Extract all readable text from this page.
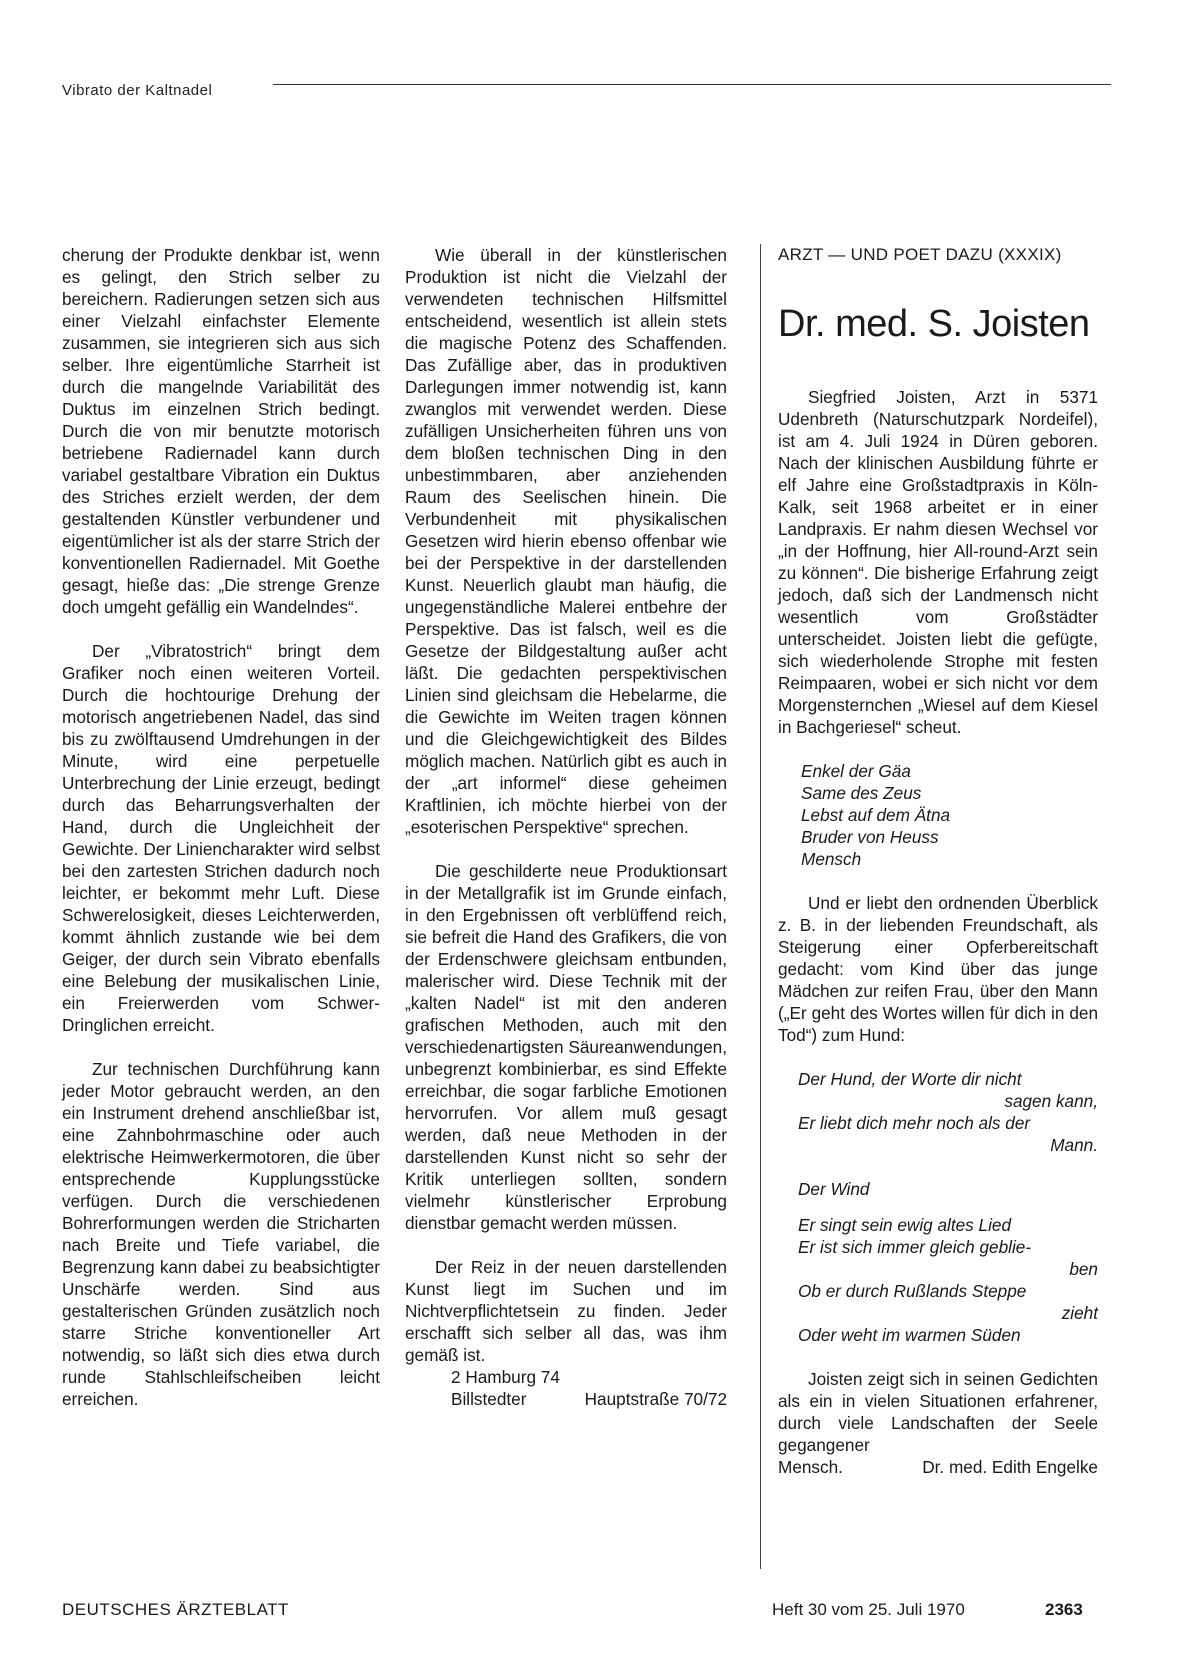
Vibrato der Kaltnadel

cherung der Produkte denkbar ist, wenn es gelingt, den Strich selber zu bereichern. Radierungen setzen sich aus einer Vielzahl einfachster Elemente zusammen, sie integrieren sich aus sich selber. Ihre eigentümliche Starrheit ist durch die mangelnde Variabilität des Duktus im einzelnen Strich bedingt. Durch die von mir benutzte motorisch betriebene Radiernadel kann durch variabel gestaltbare Vibration ein Duktus des Striches erzielt werden, der dem gestaltenden Künstler verbundener und eigentümlicher ist als der starre Strich der konventionellen Radiernadel. Mit Goethe gesagt, hieße das: „Die strenge Grenze doch umgeht gefällig ein Wandelndes“.

Der „Vibratostrich“ bringt dem Grafiker noch einen weiteren Vorteil. Durch die hochtourige Drehung der motorisch angetriebenen Nadel, das sind bis zu zwölftausend Umdrehungen in der Minute, wird eine perpetuelle Unterbrechung der Linie erzeugt, bedingt durch das Beharrungsverhalten der Hand, durch die Ungleichheit der Gewichte. Der Liniencharakter wird selbst bei den zartesten Strichen dadurch noch leichter, er bekommt mehr Luft. Diese Schwerelosigkeit, dieses Leichterwerden, kommt ähnlich zustande wie bei dem Geiger, der durch sein Vibrato ebenfalls eine Belebung der musikalischen Linie, ein Freierwerden vom Schwer-Dringlichen erreicht.

Zur technischen Durchführung kann jeder Motor gebraucht werden, an den ein Instrument drehend anschließbar ist, eine Zahnbohrmaschine oder auch elektrische Heimwerkermotoren, die über entsprechende Kupplungsstücke verfügen. Durch die verschiedenen Bohrerformungen werden die Stricharten nach Breite und Tiefe variabel, die Begrenzung kann dabei zu beabsichtigter Unschärfe werden. Sind aus gestalterischen Gründen zusätzlich noch starre Striche konventioneller Art notwendig, so läßt sich dies etwa durch runde Stahlschleifscheiben leicht erreichen.

Wie überall in der künstlerischen Produktion ist nicht die Vielzahl der verwendeten technischen Hilfsmittel entscheidend, wesentlich ist allein stets die magische Potenz des Schaffenden. Das Zufällige aber, das in produktiven Darlegungen immer notwendig ist, kann zwanglos mit verwendet werden. Diese zufälligen Unsicherheiten führen uns von dem bloßen technischen Ding in den unbestimmbaren, aber anziehenden Raum des Seelischen hinein. Die Verbundenheit mit physikalischen Gesetzen wird hierin ebenso offenbar wie bei der Perspektive in der darstellenden Kunst. Neuerlich glaubt man häufig, die ungegenständliche Malerei entbehre der Perspektive. Das ist falsch, weil es die Gesetze der Bildgestaltung außer acht läßt. Die gedachten perspektivischen Linien sind gleichsam die Hebelarme, die die Gewichte im Weiten tragen können und die Gleichgewichtigkeit des Bildes möglich machen. Natürlich gibt es auch in der „art informel“ diese geheimen Kraftlinien, ich möchte hierbei von der „esoterischen Perspektive“ sprechen.

Die geschilderte neue Produktionsart in der Metallgrafik ist im Grunde einfach, in den Ergebnissen oft verblüffend reich, sie befreit die Hand des Grafikers, die von der Erdenschwere gleichsam entbunden, malerischer wird. Diese Technik mit der „kalten Nadel“ ist mit den anderen grafischen Methoden, auch mit den verschiedenartigsten Säureanwendungen, unbegrenzt kombinierbar, es sind Effekte erreichbar, die sogar farbliche Emotionen hervorrufen. Vor allem muß gesagt werden, daß neue Methoden in der darstellenden Kunst nicht so sehr der Kritik unterliegen sollten, sondern vielmehr künstlerischer Erprobung dienstbar gemacht werden müssen.

Der Reiz in der neuen darstellenden Kunst liegt im Suchen und im Nichtverpflichtetsein zu finden. Jeder erschafft sich selber all das, was ihm gemäß ist.

2 Hamburg 74
Billstedter	Hauptstraße 70/72
ARZT — UND POET DAZU (XXXIX)
Dr. med. S. Joisten

Siegfried Joisten, Arzt in 5371 Udenbreth (Naturschutzpark Nordeifel), ist am 4. Juli 1924 in Düren geboren. Nach der klinischen Ausbildung führte er elf Jahre eine Großstadtpraxis in Köln-Kalk, seit 1968 arbeitet er in einer Landpraxis. Er nahm diesen Wechsel vor „in der Hoffnung, hier All-round-Arzt sein zu können“. Die bisherige Erfahrung zeigt jedoch, daß sich der Landmensch nicht wesentlich vom Großstädter unterscheidet. Joisten liebt die gefügte, sich wiederholende Strophe mit festen Reimpaaren, wobei er sich nicht vor dem Morgensternchen „Wiesel auf dem Kiesel in Bachgeriesel“ scheut.

Enkel der Gäa
Same des Zeus
Lebst auf dem Ätna
Bruder von Heuss
Mensch

Und er liebt den ordnenden Überblick z. B. in der liebenden Freundschaft, als Steigerung einer Opferbereitschaft gedacht: vom Kind über das junge Mädchen zur reifen Frau, über den Mann („Er geht des Wortes willen für dich in den Tod“) zum Hund:

Der Hund, der Worte dir nicht
sagen kann,
Er liebt dich mehr noch als der
Mann.
Der Wind
Er singt sein ewig altes Lied
Er ist sich immer gleich geblie-
ben
Ob er durch Rußlands Steppe
zieht
Oder weht im warmen Süden

Joisten zeigt sich in seinen Gedichten als ein in vielen Situationen erfahrener, durch viele Landschaften der Seele gegangener

Mensch.	Dr. med. Edith Engelke
DEUTSCHES ÄRZTEBLATT	Heft 30 vom 25. Juli 1970	2363
